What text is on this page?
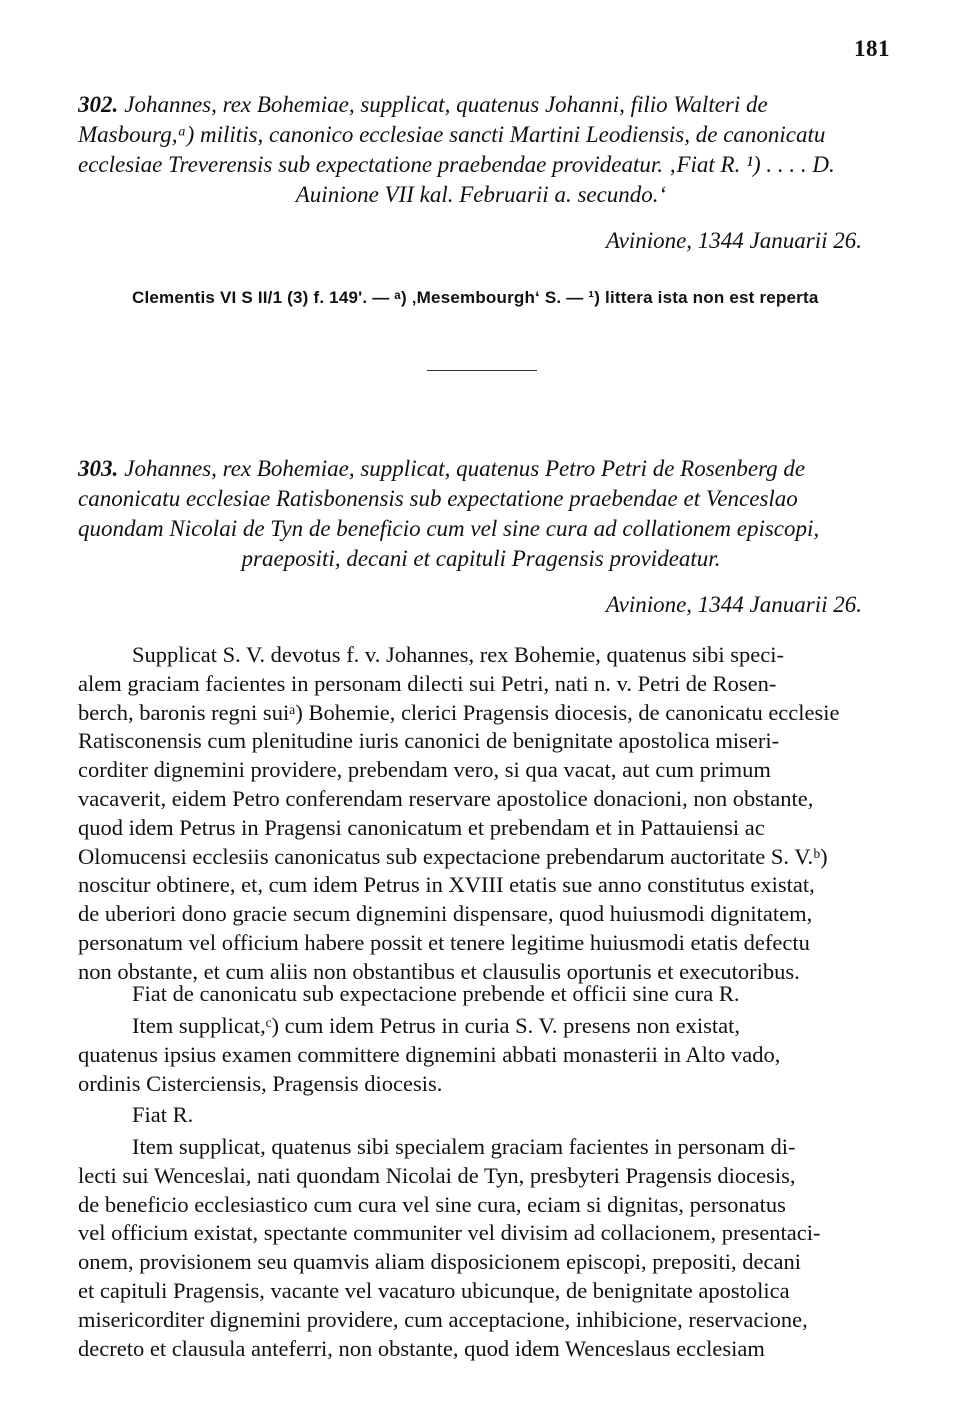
181
302. Johannes, rex Bohemiae, supplicat, quatenus Johanni, filio Walteri de
Masbourg,ᵃ) militis, canonico ecclesiae sancti Martini Leodiensis, de canonicatu
ecclesiae Treverensis sub expectatione praebendae provideatur. ‚Fiat R. ¹) . . . . D.
Auinione VII kal. Februarii a. secundo.‘
Avinione, 1344 Januarii 26.
Clementis VI S II/1 (3) f. 149'. — ᵃ) ‚Mesembourgh‘ S. — ¹) littera ista non est reperta
303. Johannes, rex Bohemiae, supplicat, quatenus Petro Petri de Rosenberg de
canonicatu ecclesiae Ratisbonensis sub expectatione praebendae et Venceslao
quondam Nicolai de Tyn de beneficio cum vel sine cura ad collationem episcopi,
praepositi, decani et capituli Pragensis provideatur.
Avinione, 1344 Januarii 26.
Supplicat S. V. devotus f. v. Johannes, rex Bohemie, quatenus sibi speci-
alem graciam facientes in personam dilecti sui Petri, nati n. v. Petri de Rosen-
berch, baronis regni suiᵃ) Bohemie, clerici Pragensis diocesis, de canonicatu ecclesie
Ratisconensis cum plenitudine iuris canonici de benignitate apostolica miseri-
corditer dignemini providere, prebendam vero, si qua vacat, aut cum primum
vacaverit, eidem Petro conferendam reservare apostolice donacioni, non obstante,
quod idem Petrus in Pragensi canonicatum et prebendam et in Pattauiensi ac
Olomucensi ecclesiis canonicatus sub expectacione prebendarum auctoritate S. V.ᵇ)
noscitur obtinere, et, cum idem Petrus in XVIII etatis sue anno constitutus existat,
de uberiori dono gracie secum dignemini dispensare, quod huiusmodi dignitatem,
personatum vel officium habere possit et tenere legitime huiusmodi etatis defectu
non obstante, et cum aliis non obstantibus et clausulis oportunis et executoribus.
Fiat de canonicatu sub expectacione prebende et officii sine cura R.
Item supplicat,ᶜ) cum idem Petrus in curia S. V. presens non existat,
quatenus ipsius examen committere dignemini abbati monasterii in Alto vado,
ordinis Cisterciensis, Pragensis diocesis.
Fiat R.
Item supplicat, quatenus sibi specialem graciam facientes in personam di-
lecti sui Wenceslai, nati quondam Nicolai de Tyn, presbyteri Pragensis diocesis,
de beneficio ecclesiastico cum cura vel sine cura, eciam si dignitas, personatus
vel officium existat, spectante communiter vel divisim ad collacionem, presentaci-
onem, provisionem seu quamvis aliam disposicionem episcopi, prepositi, decani
et capituli Pragensis, vacante vel vacaturo ubicunque, de benignitate apostolica
misericorditer dignemini providere, cum acceptacione, inhibicione, reservacione,
decreto et clausula anteferri, non obstante, quod idem Wenceslaus ecclesiam
